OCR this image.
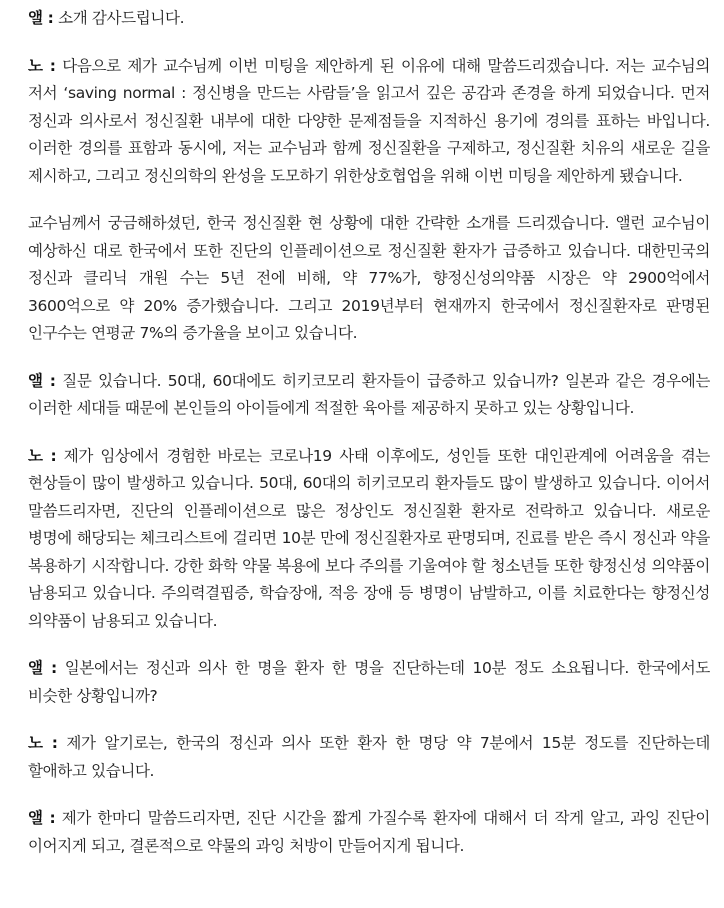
앨 : 소개 감사드립니다.

노 : 다음으로 제가 교수님께 이번 미팅을 제안하게 된 이유에 대해 말씀드리겠습니다. 저는 교수님의 저서 ‘saving normal : 정신병을 만드는 사람들’을 읽고서 깊은 공감과 존경을 하게 되었습니다. 먼저 정신과 의사로서 정신질환 내부에 대한 다양한 문제점들을 지적하신 용기에 경의를 표하는 바입니다. 이러한 경의를 표함과 동시에, 저는 교수님과 함께 정신질환을 구제하고, 정신질환 치유의 새로운 길을 제시하고, 그리고 정신의학의 완성을 도모하기 위한상호협업을 위해 이번 미팅을 제안하게 됐습니다.

교수님께서 궁금해하셨던, 한국 정신질환 현 상황에 대한 간략한 소개를 드리겠습니다. 앨런 교수님이 예상하신 대로 한국에서 또한 진단의 인플레이션으로 정신질환 환자가 급증하고 있습니다. 대한민국의 정신과 클리닉 개원 수는 5년 전에 비해, 약 77%가, 향정신성의약품 시장은 약 2900억에서 3600억으로 약 20% 증가했습니다. 그리고 2019년부터 현재까지 한국에서 정신질환자로 판명된 인구수는 연평균 7%의 증가율을 보이고 있습니다.

앨 : 질문 있습니다. 50대, 60대에도 히키코모리 환자들이 급증하고 있습니까? 일본과 같은 경우에는 이러한 세대들 때문에 본인들의 아이들에게 적절한 육아를 제공하지 못하고 있는 상황입니다.

노 : 제가 임상에서 경험한 바로는 코로나19 사태 이후에도, 성인들 또한 대인관계에 어려움을 겪는 현상들이 많이 발생하고 있습니다. 50대, 60대의 히키코모리 환자들도 많이 발생하고 있습니다. 이어서 말씀드리자면, 진단의 인플레이션으로 많은 정상인도 정신질환 환자로 전락하고 있습니다. 새로운 병명에 해당되는 체크리스트에 걸리면 10분 만에 정신질환자로 판명되며, 진료를 받은 즉시 정신과 약을 복용하기 시작합니다. 강한 화학 약물 복용에 보다 주의를 기울여야 할 청소년들 또한 향정신성 의약품이 남용되고 있습니다. 주의력결핍증, 학습장애, 적응 장애 등 병명이 남발하고, 이를 치료한다는 향정신성 의약품이 남용되고 있습니다.

앨 : 일본에서는 정신과 의사 한 명을 환자 한 명을 진단하는데 10분 정도 소요됩니다. 한국에서도 비슷한 상황입니까?

노 : 제가 알기로는, 한국의 정신과 의사 또한 환자 한 명당 약 7분에서 15분 정도를 진단하는데 할애하고 있습니다.

앨 : 제가 한마디 말씀드리자면, 진단 시간을 짧게 가질수록 환자에 대해서 더 작게 알고, 과잉 진단이 이어지게 되고, 결론적으로 약물의 과잉 처방이 만들어지게 됩니다.
